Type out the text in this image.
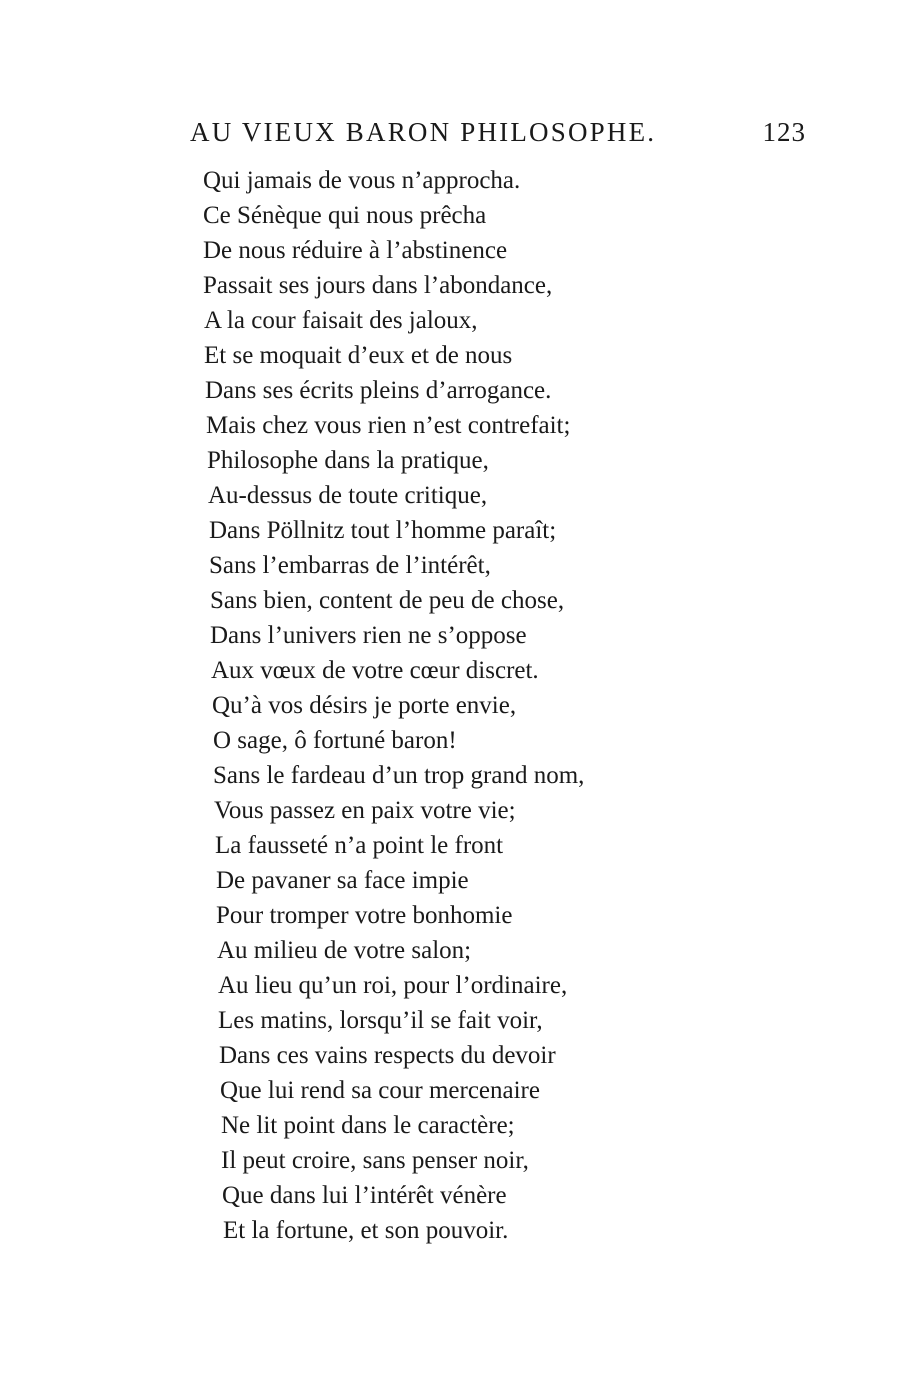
AU VIEUX BARON PHILOSOPHE.	123
Qui jamais de vous n’approcha.
Ce Sénèque qui nous prêcha
De nous réduire à l’abstinence
Passait ses jours dans l’abondance,
A la cour faisait des jaloux,
Et se moquait d’eux et de nous
Dans ses écrits pleins d’arrogance.
Mais chez vous rien n’est contrefait;
Philosophe dans la pratique,
Au-dessus de toute critique,
Dans Pöllnitz tout l’homme paraît;
Sans l’embarras de l’intérêt,
Sans bien, content de peu de chose,
Dans l’univers rien ne s’oppose
Aux vœux de votre cœur discret.
Qu’à vos désirs je porte envie,
O sage, ô fortuné baron!
Sans le fardeau d’un trop grand nom,
Vous passez en paix votre vie;
La fausseté n’a point le front
De pavaner sa face impie
Pour tromper votre bonhomie
Au milieu de votre salon;
Au lieu qu’un roi, pour l’ordinaire,
Les matins, lorsqu’il se fait voir,
Dans ces vains respects du devoir
Que lui rend sa cour mercenaire
Ne lit point dans le caractère;
Il peut croire, sans penser noir,
Que dans lui l’intérêt vénère
Et la fortune, et son pouvoir.
